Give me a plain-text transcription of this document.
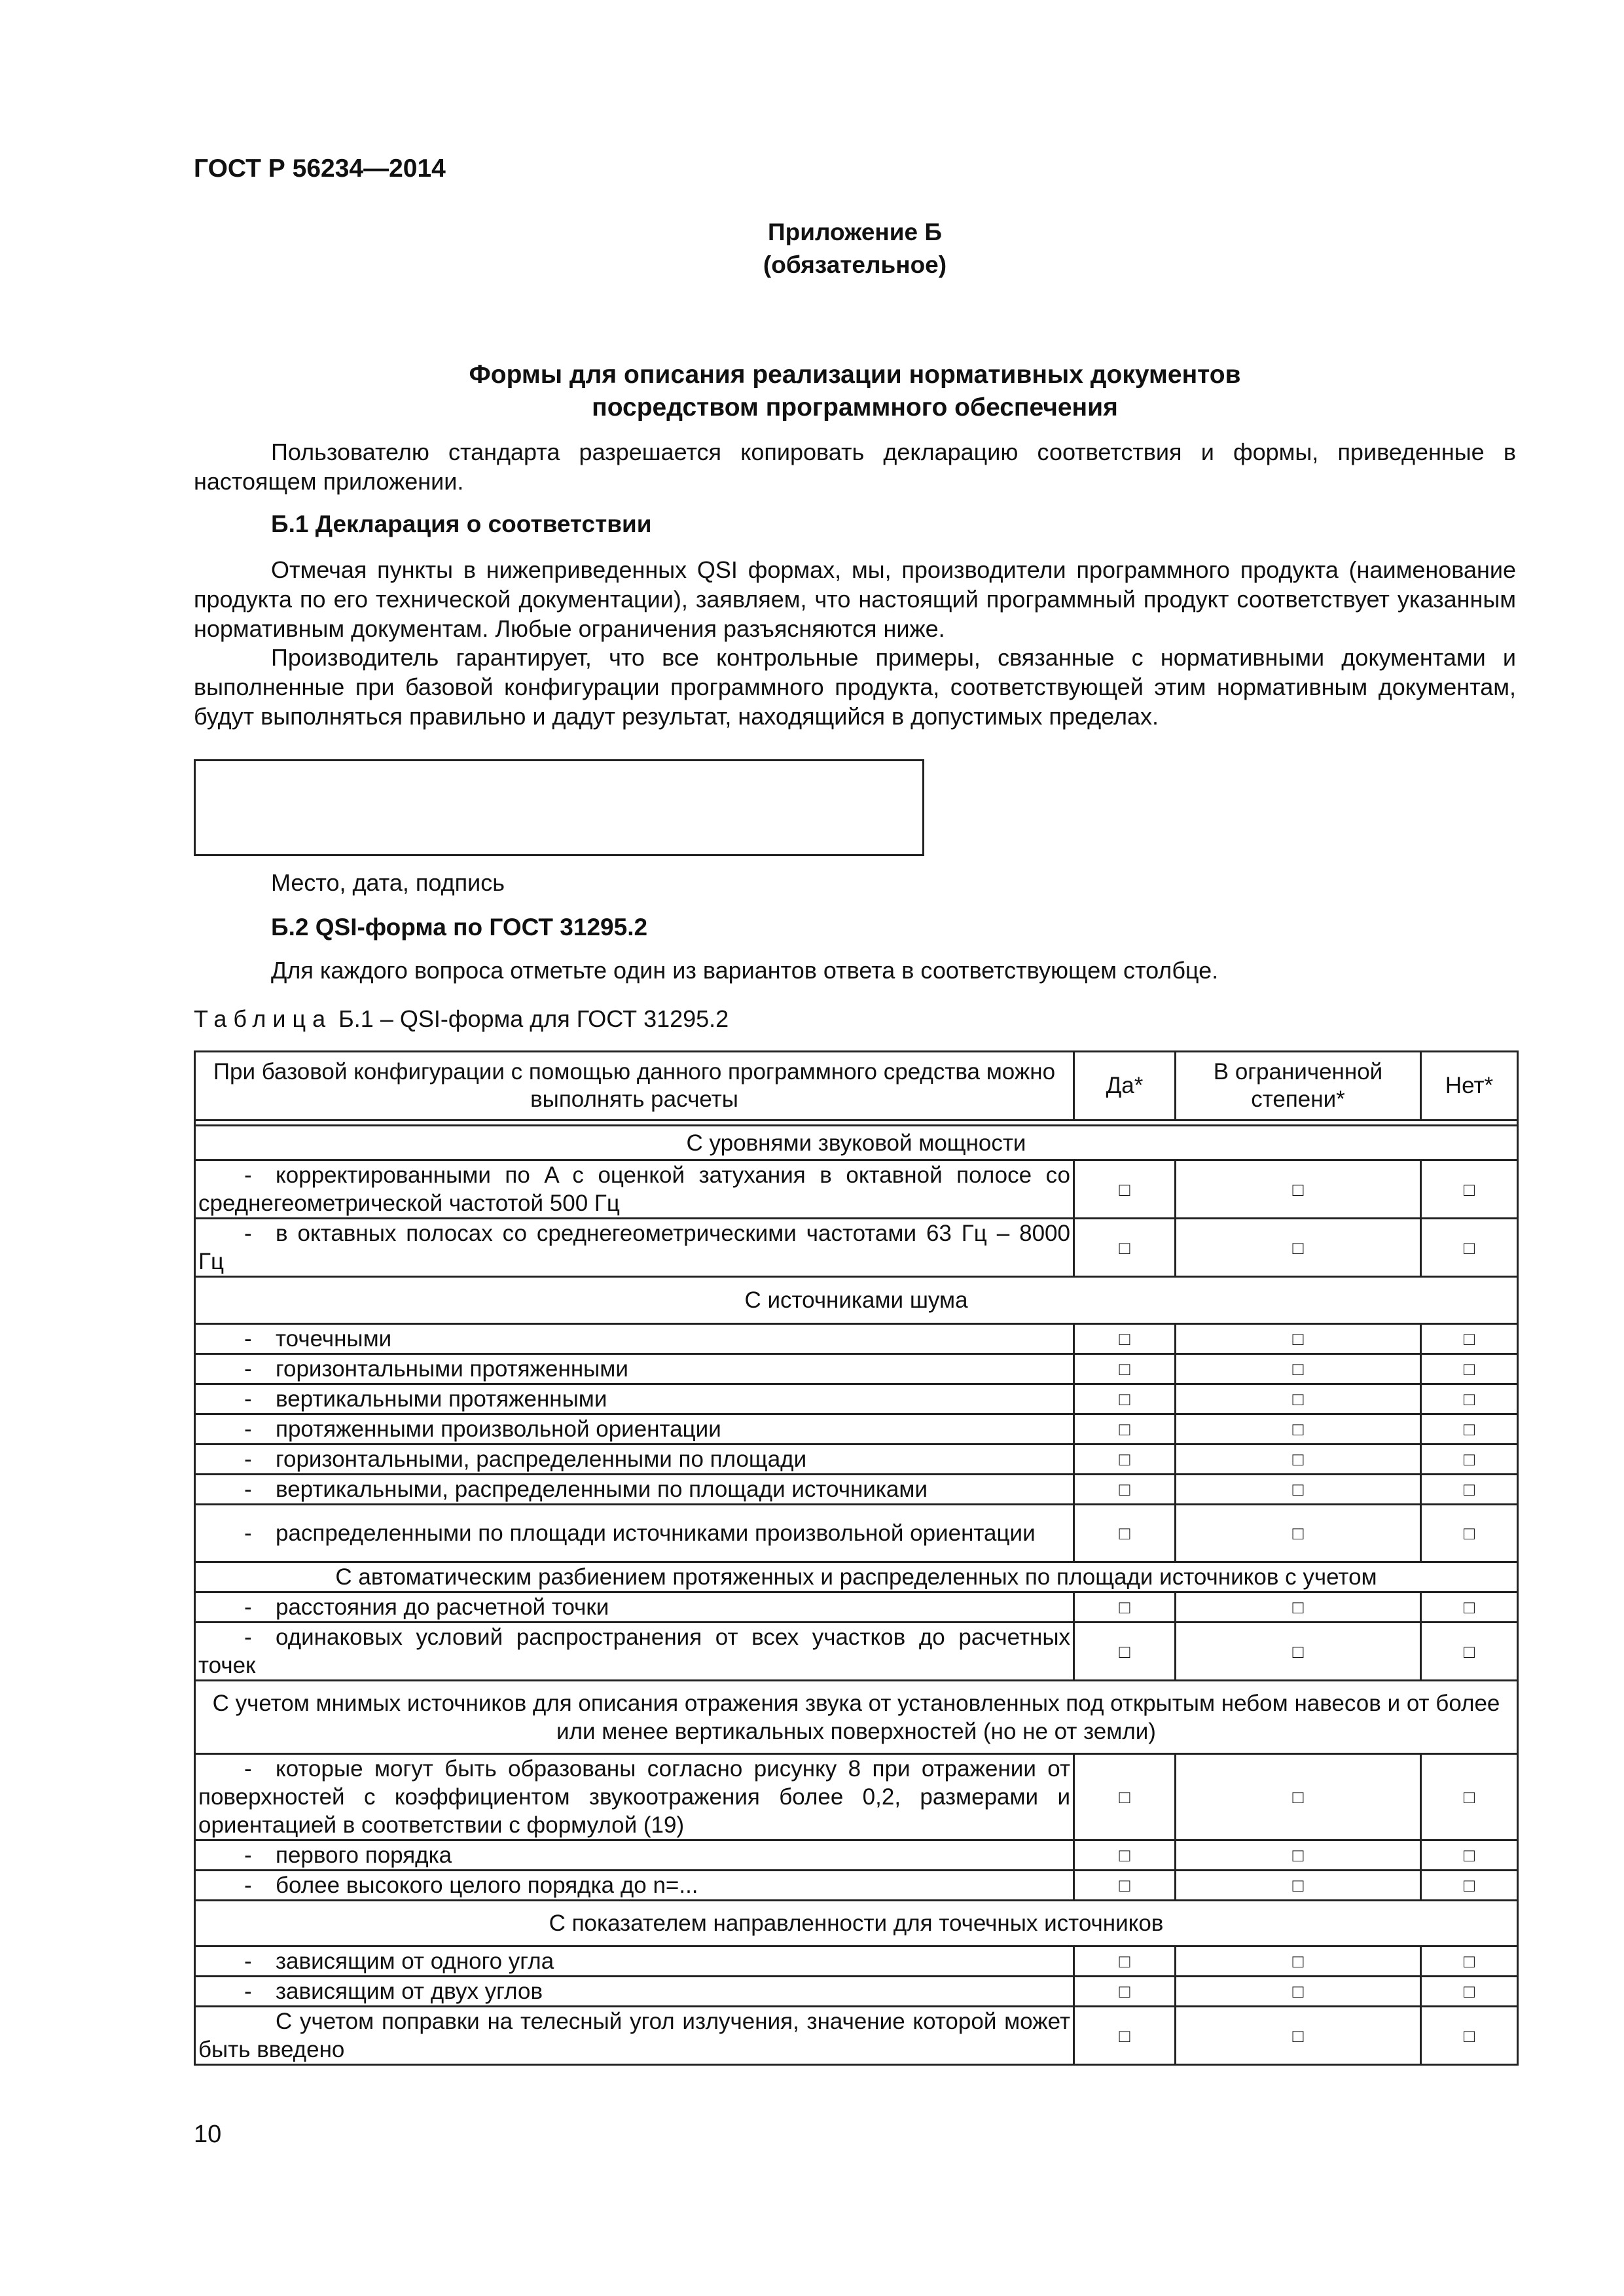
ГОСТ Р 56234—2014
Приложение Б
(обязательное)
Формы для описания реализации нормативных документов
посредством программного обеспечения
Пользователю стандарта разрешается копировать декларацию соответствия и формы, приведенные в настоящем приложении.
Б.1 Декларация о соответствии
Отмечая пункты в нижеприведенных QSI формах, мы, производители программного продукта (наименование продукта по его технической документации), заявляем, что настоящий программный продукт соответствует указанным нормативным документам. Любые ограничения разъясняются ниже.
Производитель гарантирует, что все контрольные примеры, связанные с нормативными документами и выполненные при базовой конфигурации программного продукта, соответствующей этим нормативным документам, будут выполняться правильно и дадут результат, находящийся в допустимых пределах.
Место, дата, подпись
Б.2 QSI-форма по ГОСТ 31295.2
Для каждого вопроса отметьте один из вариантов ответа в соответствующем столбце.
Таблица Б.1 – QSI-форма для ГОСТ 31295.2
При базовой конфигурации с помощью данного программного средства можно выполнять расчеты	Да*	В ограниченной степени*	Нет*

С уровнями звуковой мощности			
- корректированными по A с оценкой затухания в октавной полосе со среднегеометрической частотой 500 Гц	□	□	□
- в октавных полосах со среднегеометрическими частотами 63 Гц – 8000 Гц	□	□	□
С источниками шума			
- точечными	□	□	□
- горизонтальными протяженными	□	□	□
- вертикальными протяженными	□	□	□
- протяженными произвольной ориентации	□	□	□
- горизонтальными, распределенными по площади	□	□	□
- вертикальными, распределенными по площади источниками	□	□	□
- распределенными по площади источниками произвольной ориентации	□	□	□
С автоматическим разбиением протяженных и распределенных по площади источников с учетом			
- расстояния до расчетной точки	□	□	□
- одинаковых условий распространения от всех участков до расчетных точек	□	□	□
С учетом мнимых источников для описания отражения звука от установленных под открытым небом навесов и от более или менее вертикальных поверхностей (но не от земли)			
- которые могут быть образованы согласно рисунку 8 при отражении от поверхностей с коэффициентом звукоотражения более 0,2, размерами и ориентацией в соответствии с формулой (19)	□	□	□
- первого порядка	□	□	□
- более высокого целого порядка до n=...	□	□	□
С показателем направленности для точечных источников			
- зависящим от одного угла	□	□	□
- зависящим от двух углов	□	□	□
С учетом поправки на телесный угол излучения, значение которой может быть введено	□	□	□
10
